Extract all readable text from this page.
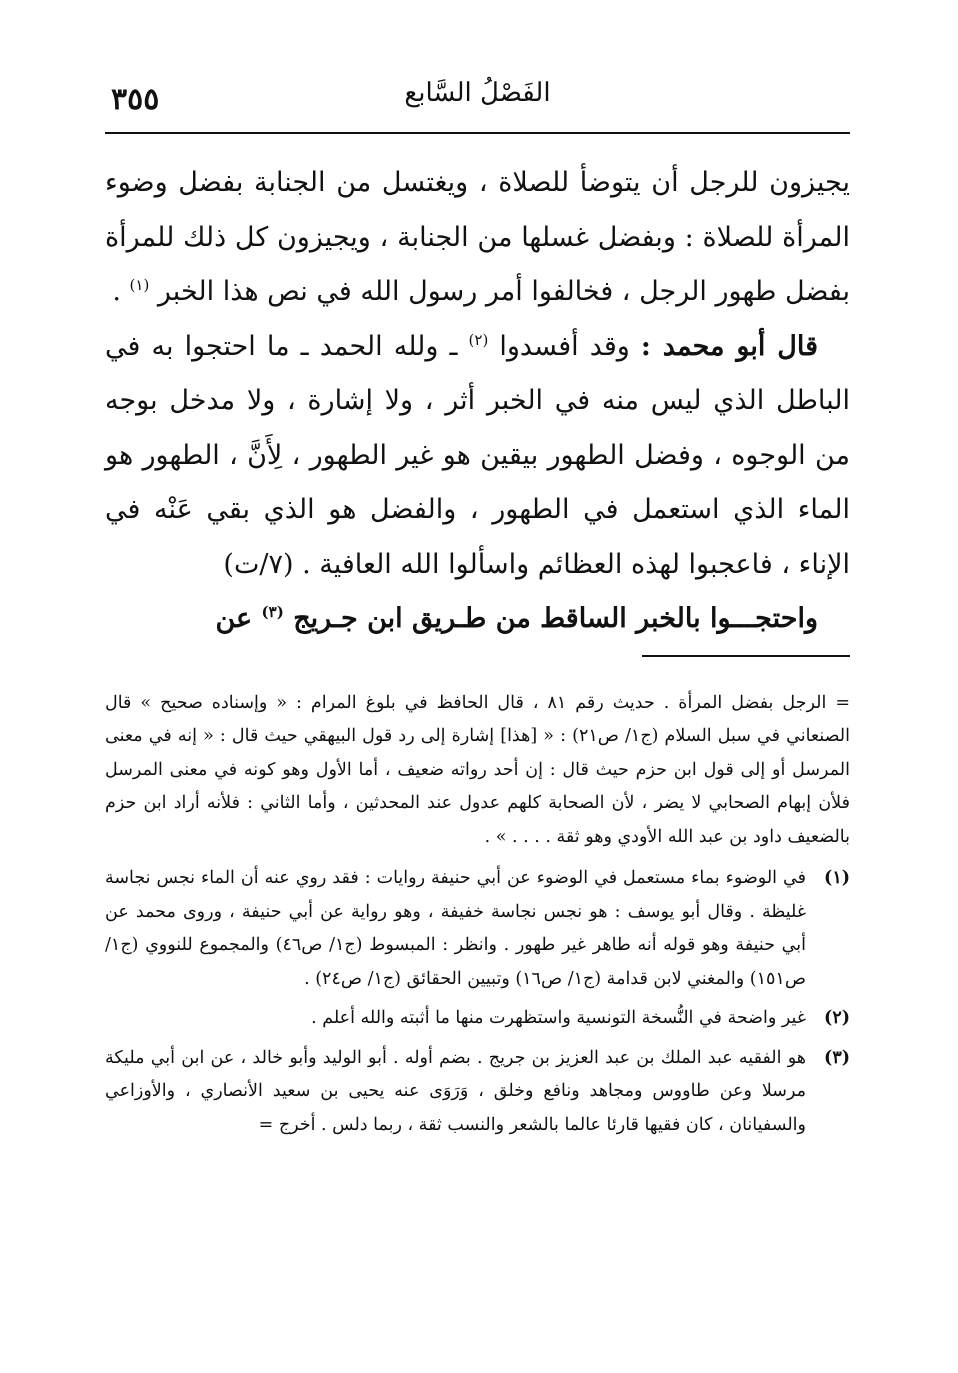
الفَصْلُ السَّابع
٣٥٥

يجيزون للرجل أن يتوضأ للصلاة ، ويغتسل من الجنابة بفضل وضوء المرأة للصلاة : وبفضل غسلها من الجنابة ، ويجيزون كل ذلك للمرأة بفضل طهور الرجل ، فخالفوا أمر رسول الله في نص هذا الخبر $^{(١)}$ .

قال أبو محمد : وقد أفسدوا $^{(٢)}$ ـ ولله الحمد ـ ما احتجوا به في الباطل الذي ليس منه في الخبر أثر ، ولا إشارة ، ولا مدخل بوجه من الوجوه ، وفضل الطهور بيقين هو غير الطهور ، لِأَنَّ ، الطهور هو الماء الذي استعمل في الطهور ، والفضل هو الذي بقي عَنْه في الإناء ، فاعجبوا لهذه العظائم واسألوا الله العافية . (٧/ت)

واحتجـــوا بالخبر الساقط من طـريق ابن جـريج $^{(٣)}$ عن

= الرجل بفضل المرأة . حديث رقم ٨١ ، قال الحافظ في بلوغ المرام : « وإسناده صحيح » قال الصنعاني في سبل السلام (ج١/ ص٢١) : « [هذا] إشارة إلى رد قول البيهقي حيث قال : « إنه في معنى المرسل أو إلى قول ابن حزم حيث قال : إن أحد رواته ضعيف ، أما الأول وهو كونه في معنى المرسل فلأن إبهام الصحابي لا يضر ، لأن الصحابة كلهم عدول عند المحدثين ، وأما الثاني : فلأنه أراد ابن حزم بالضعيف داود بن عبد الله الأودي وهو ثقة . . . . » .

(١)
في الوضوء بماء مستعمل في الوضوء عن أبي حنيفة روايات : فقد روي عنه أن الماء نجس نجاسة غليظة . وقال أبو يوسف : هو نجس نجاسة خفيفة ، وهو رواية عن أبي حنيفة ، وروى محمد عن أبي حنيفة وهو قوله أنه طاهر غير طهور . وانظر : المبسوط (ج١/ ص٤٦) والمجموع للنووي (ج١/ ص١٥١) والمغني لابن قدامة (ج١/ ص١٦) وتبيين الحقائق (ج١/ ص٢٤) .
(٢)
غير واضحة في النُّسخة التونسية واستظهرت منها ما أثبته والله أعلم .
(٣)
هو الفقيه عبد الملك بن عبد العزيز بن جريج . بضم أوله . أبو الوليد وأبو خالد ، عن ابن أبي مليكة مرسلا وعن طاووس ومجاهد ونافع وخلق ، وَرَوَى عنه يحيى بن سعيد الأنصاري ، والأوزاعي والسفيانان ، كان فقيها قارئا عالما بالشعر والنسب ثقة ، ربما دلس . أخرج =
